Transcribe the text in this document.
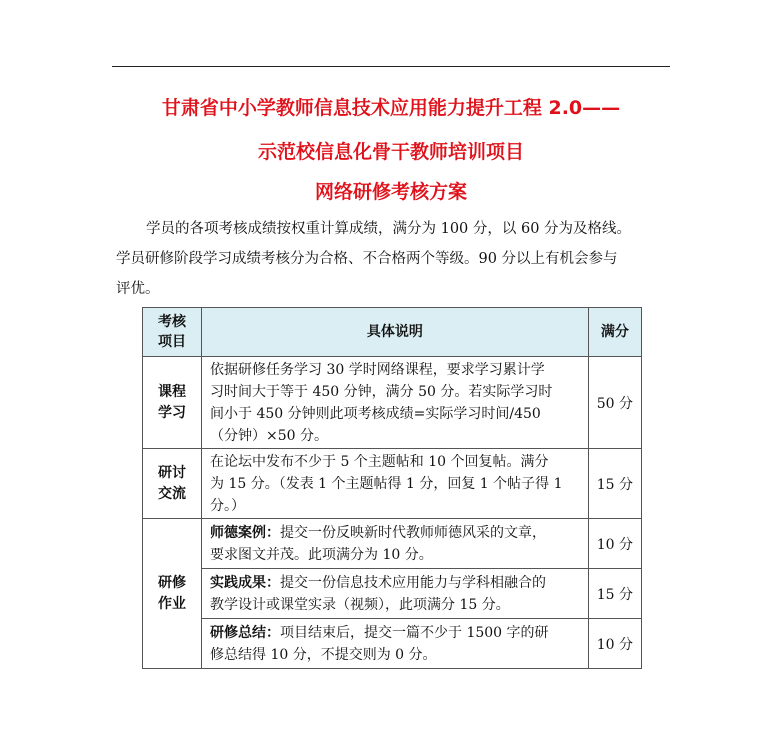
甘肃省中小学教师信息技术应用能力提升工程 2.0——
示范校信息化骨干教师培训项目
网络研修考核方案

学员的各项考核成绩按权重计算成绩，满分为 100 分，以 60 分为及格线。
学员研修阶段学习成绩考核分为合格、不合格两个等级。90 分以上有机会参与
评优。

考核
项目	具体说明	满分
课程
学习	依据研修任务学习 30 学时网络课程，要求学习累计学
习时间大于等于 450 分钟，满分 50 分。若实际学习时
间小于 450 分钟则此项考核成绩=实际学习时间/450
（分钟）×50 分。	50 分
研讨
交流	在论坛中发布不少于 5 个主题帖和 10 个回复帖。满分
为 15 分。（发表 1 个主题帖得 1 分，回复 1 个帖子得 1
分。）	15 分
研修
作业	师德案例：提交一份反映新时代教师师德风采的文章，
要求图文并茂。此项满分为 10 分。	10 分
	实践成果：提交一份信息技术应用能力与学科相融合的
教学设计或课堂实录（视频），此项满分 15 分。	15 分
	研修总结：项目结束后，提交一篇不少于 1500 字的研
修总结得 10 分，不提交则为 0 分。	10 分
